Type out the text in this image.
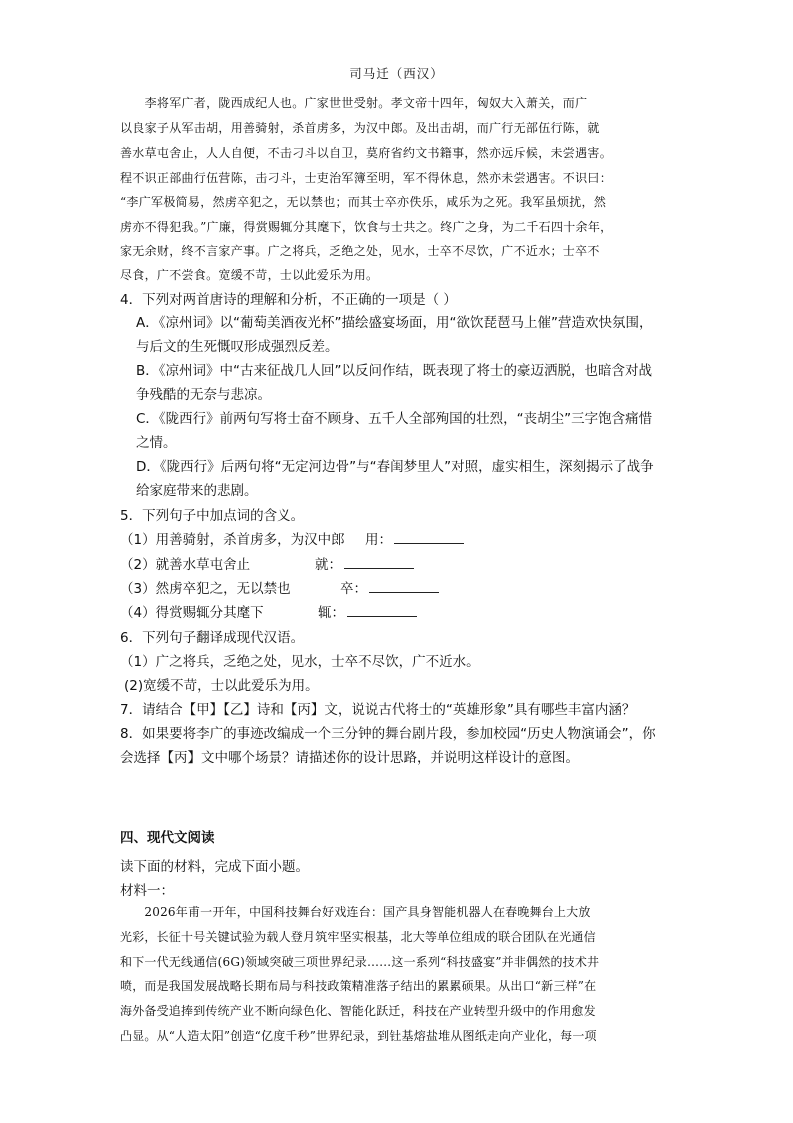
司马迁（西汉）
　　李将军广者，陇西成纪人也。广家世世受射。孝文帝十四年，匈奴大入萧关，而广
以良家子从军击胡，用善骑射，杀首虏多，为汉中郎。及出击胡，而广行无部伍行陈，就
善水草屯舍止，人人自便，不击刁斗以自卫，莫府省约文书籍事，然亦远斥候，未尝遇害。
程不识正部曲行伍营陈，击刁斗，士吏治军簿至明，军不得休息，然亦未尝遇害。不识曰：
“李广军极简易，然虏卒犯之，无以禁也；而其士卒亦佚乐，咸乐为之死。我军虽烦扰，然
虏亦不得犯我。”广廉，得赏赐辄分其麾下，饮食与士共之。终广之身，为二千石四十余年，
家无余财，终不言家产事。广之将兵，乏绝之处，见水，士卒不尽饮，广不近水；士卒不
尽食，广不尝食。宽缓不苛，士以此爱乐为用。
4．下列对两首唐诗的理解和分析，不正确的一项是（ ）
A．《凉州词》以“葡萄美酒夜光杯”描绘盛宴场面，用“欲饮琵琶马上催”营造欢快氛围，
与后文的生死慨叹形成强烈反差。
B．《凉州词》中“古来征战几人回”以反问作结，既表现了将士的豪迈洒脱，也暗含对战
争残酷的无奈与悲凉。
C．《陇西行》前两句写将士奋不顾身、五千人全部殉国的壮烈，“丧胡尘”三字饱含痛惜
之情。
D．《陇西行》后两句将“无定河边骨”与“春闺梦里人”对照，虚实相生，深刻揭示了战争
给家庭带来的悲剧。
5．下列句子中加点词的含义。
（1）用善骑射，杀首虏多，为汉中郎 用：
（2）就善水草屯舍止	就：
（3）然虏卒犯之，无以禁也	卒：
（4）得赏赐辄分其麾下	辄：
6．下列句子翻译成现代汉语。
（1）广之将兵，乏绝之处，见水，士卒不尽饮，广不近水。
(2)宽缓不苛，士以此爱乐为用。
7．请结合【甲】【乙】诗和【丙】文，说说古代将士的“英雄形象”具有哪些丰富内涵？
8．如果要将李广的事迹改编成一个三分钟的舞台剧片段，参加校园“历史人物演诵会”，你
会选择【丙】文中哪个场景？请描述你的设计思路，并说明这样设计的意图。
四、现代文阅读
读下面的材料，完成下面小题。
材料一：
　　2026年甫一开年，中国科技舞台好戏连台：国产具身智能机器人在春晚舞台上大放
光彩，长征十号关键试验为载人登月筑牢坚实根基，北大等单位组成的联合团队在光通信
和下一代无线通信(6G)领域突破三项世界纪录……这一系列“科技盛宴”并非偶然的技术井
喷，而是我国发展战略长期布局与科技政策精准落子结出的累累硕果。从出口“新三样”在
海外备受追捧到传统产业不断向绿色化、智能化跃迁，科技在产业转型升级中的作用愈发
凸显。从“人造太阳”创造“亿度千秒”世界纪录，到钍基熔盐堆从图纸走向产业化，每一项
